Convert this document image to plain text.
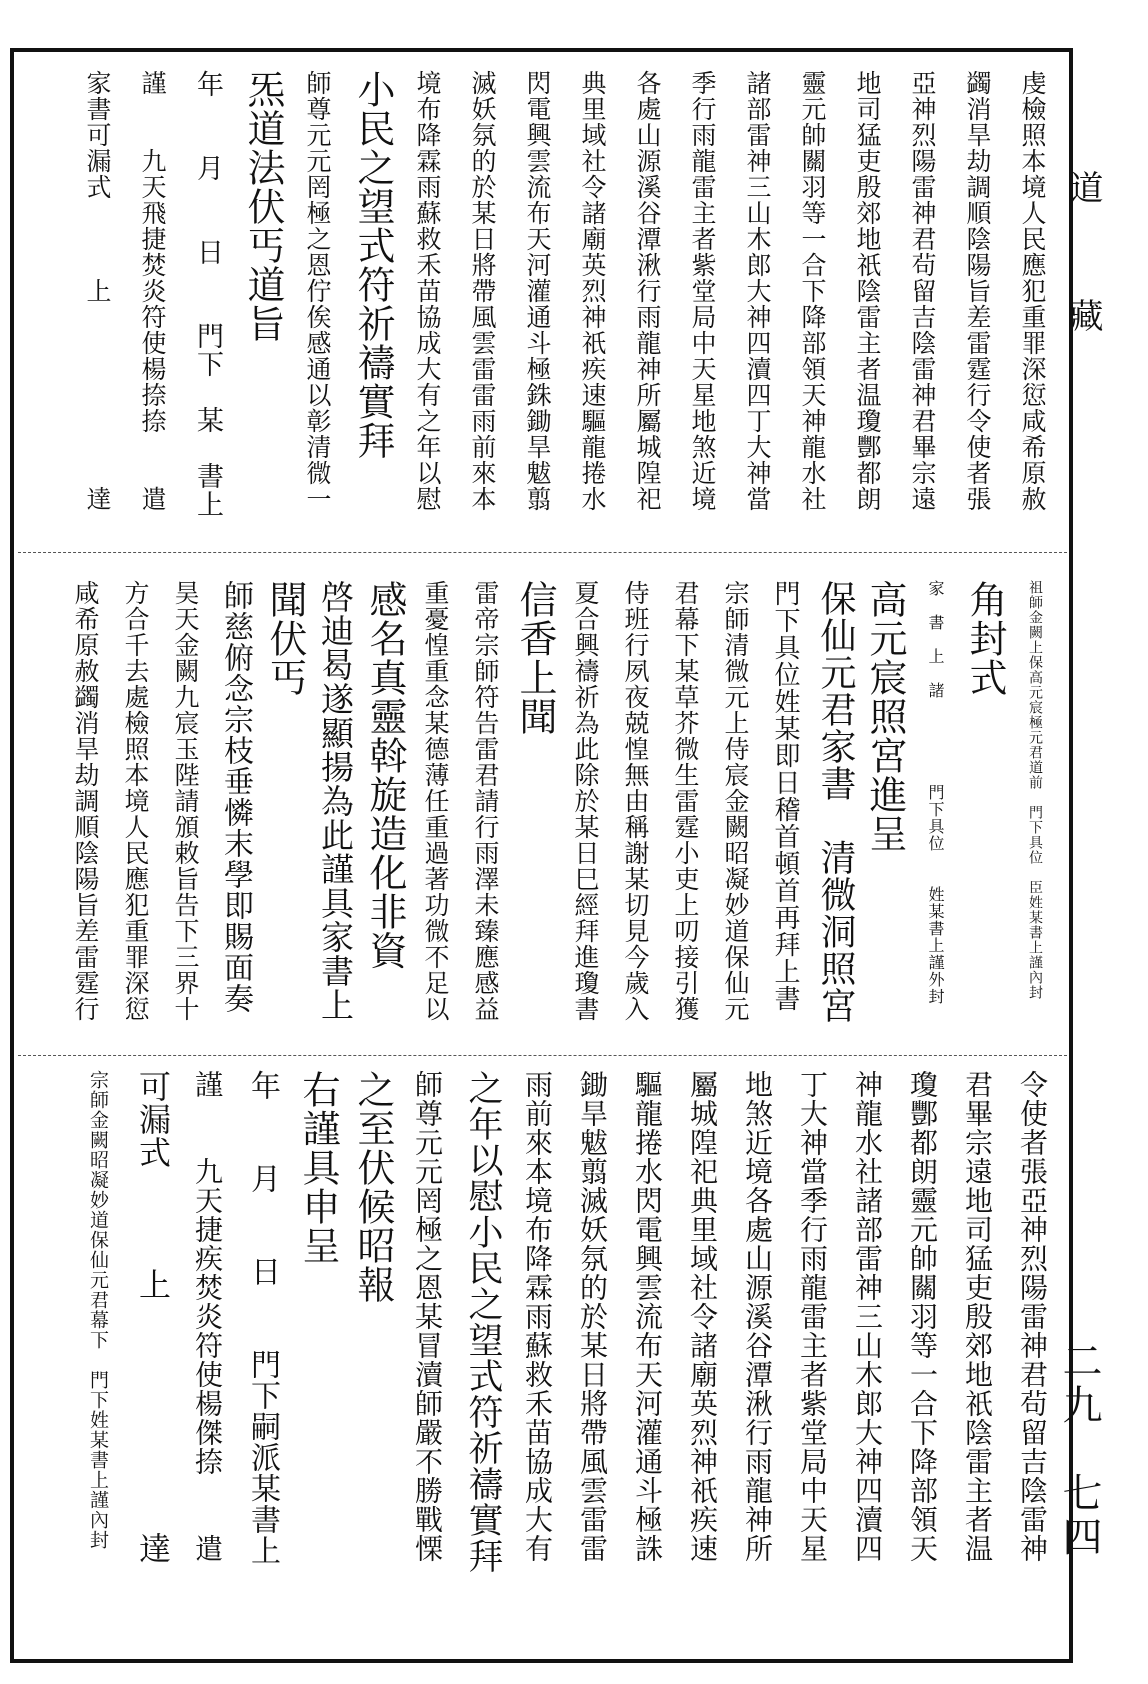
道　藏
二九　七四
虔檢照本境人民應犯重罪深愆咸希原赦
蠲消旱劫調順陰陽旨差雷霆行令使者張
亞神烈陽雷神君茍留吉陰雷神君畢宗遠
地司猛吏殷郊地祇陰雷主者温瓊酆都朗
靈元帥關羽等一合下降部領天神龍水社
諸部雷神三山木郎大神四瀆四丁大神當
季行雨龍雷主者紫堂局中天星地煞近境
各處山源溪谷潭湫行雨龍神所屬城隍祀
典里域社令諸廟英烈神祇疾速驅龍捲水
閃電興雲流布天河灌通斗極銖鋤旱魃翦
滅妖氛的於某日將帶風雲雷雷雨前來本
境布降霖雨蘇救禾苗協成大有之年以慰
小民之望式符祈禱實拜
師尊元元罔極之恩佇俟感通以彰清微一
炁道法伏丐道旨
年　　月　　日　　門下　某　書上
謹　　九天飛捷焚炎符使楊捺捺　　遣
家書可漏式　　　上　　　　　　　達
祖師金闕上保高元宸極元君道前　門下具位　臣姓某書上謹內封
角封式
家　書　上　諸　　　　　門下具位　　姓某書上謹外封
高元宸照宮進呈
保仙元君家書　清微洞照宮
門下具位姓某即日稽首頓首再拜上書
宗師清微元上侍宸金闕昭凝妙道保仙元
君幕下某草芥微生雷霆小吏上叨接引獲
侍班行夙夜兢惶無由稱謝某切見今歲入
夏合興禱祈為此除於某日巳經拜進瓊書
信香上聞
雷帝宗師符告雷君請行雨澤未臻應感益
重憂惶重念某德薄任重過著功微不足以
感名真靈斡旋造化非資
啓迪曷遂顯揚為此謹具家書上
聞伏丐
師慈俯念宗枝垂憐末學即賜面奏
昊天金闕九宸玉陛請頒敕旨告下三界十
方合千去處檢照本境人民應犯重罪深愆
咸希原赦蠲消旱劫調順陰陽旨差雷霆行
令使者張亞神烈陽雷神君茍留吉陰雷神
君畢宗遠地司猛吏殷郊地祇陰雷主者温
瓊酆都朗靈元帥關羽等一合下降部領天
神龍水社諸部雷神三山木郎大神四瀆四
丁大神當季行雨龍雷主者紫堂局中天星
地煞近境各處山源溪谷潭湫行雨龍神所
屬城隍祀典里域社令諸廟英烈神祇疾速
驅龍捲水閃電興雲流布天河灌通斗極誅
鋤旱魃翦滅妖氛的於某日將帶風雲雷雷
雨前來本境布降霖雨蘇救禾苗協成大有
之年以慰小民之望式符祈禱實拜
師尊元元罔極之恩某冒瀆師嚴不勝戰慄
之至伏候昭報
右謹具申呈
年　　月　　日　　門下嗣派某書上
謹　　九天捷疾焚炎符使楊傑捺　　遣
可漏式　　　上　　　　　　　達
宗師金闕昭凝妙道保仙元君幕下　門下姓某書上謹內封
